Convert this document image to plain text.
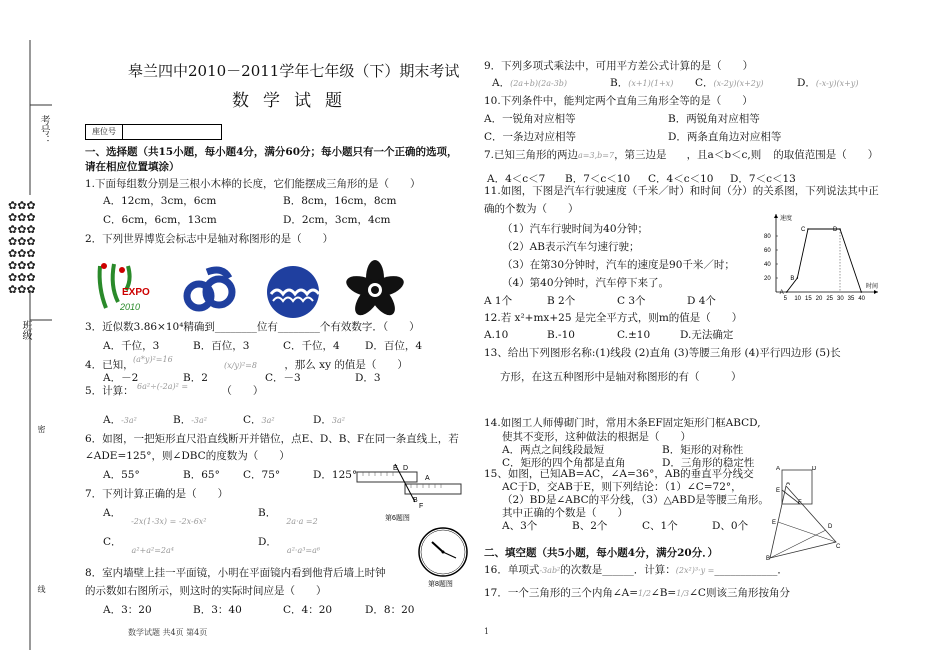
考号：
班级
密
线
✿✿✿
✿✿✿
✿✿✿
✿✿✿
✿✿✿
✿✿✿
✿✿✿
✿✿✿

皋兰四中2010－2011学年七年级（下）期末考试
数学试题
座位号
一、选择题（共15小题，每小题4分，满分60分；每小题只有一个正确的选项，
请在相应位置填涂）
1.下面每组数分别是三根小木棒的长度，它们能摆成三角形的是（　　）
A．12cm，3cm，6cm	B．8cm，16cm，8cm
C．6cm，6cm，13cm	D．2cm，3cm，4cm
2．下列世界博览会标志中是轴对称图形的是（　　）
EXPO
2010
3．近似数3.86×10⁴精确到________位有________个有效数字．（　　）
A．千位，3	B．百位，3	C．千位，4 D．百位，4
4．已知， $^{(a*y)^2=16}$ (x/y)²=8	，那么 xy 的值是（　　）
A．－2	B．2	C．－3	D．3
5．计算： $^{6a^2\div(-2a)^2 =}$	（　　）
A．-3a²	B．-3a²	C．3a²	D．3a²
6．如图，一把矩形直尺沿直线断开并错位，点E、D、B、F在同一条直线上，若
∠ADE=125°，则∠DBC的度数为（　　）
A．55°	B．65° C．75°	D．125°
E D
A
B
F
第6题图
7．下列计算正确的是（　　）
A．$_{-2x(1-3x) = -2x-6x^2}$
B．$_{2a\cdot a =2}$
C．$_{a^2+a^2=2a^4}$
D．$_{a^2\cdot a^3=a^6}$
第8题图
8．室内墙壁上挂一平面镜，小明在平面镜内看到他背后墙上时钟
的示数如右图所示，则这时的实际时间应是（　　）
A．3：20	B．3：40	C．4：20	D．8：20
数学试题 共4页 第4页
9．下列多项式乘法中，可用平方差公式计算的是（　　）
A．(2a+b)(2a-3b)	B．(x+1)(1+x) C．(x-2y)(x+2y)	D．(-x-y)(x+y)
10.下列条件中，能判定两个直角三角形全等的是（　　）
A．一锐角对应相等	B．两锐角对应相等
C．一条边对应相等	D．两条直角边对应相等
7.已知三角形的两边a=3,b=7，第三边是 ，且a＜b＜c,则 的取值范围是（　　）
A．4＜c＜7 B．7＜c＜10 C．4＜c＜10 D．7＜c＜13
11.如图，下图是汽车行驶速度（千米／时）和时间（分）的关系图，下列说法其中正
确的个数为（　　）
（1）汽车行驶时间为40分钟；
（2）AB表示汽车匀速行驶；
（3）在第30分钟时，汽车的速度是90千米／时；
（4）第40分钟时，汽车停下来了。
A 1个	B 2个	C 3个	D 4个
速度
时间
5 10 15 20 25 30 35 40
20
40
60
80
A
B
C	D
12.若 x²+mx+25 是完全平方式，则m的值是（　　）
A.10	B.-10	C.±10	D.无法确定
13、给出下列图形名称:(1)线段 (2)直角 (3)等腰三角形 (4)平行四边形 (5)长
方形，在这五种图形中是轴对称图形的有（　　　）
14.如图工人师傅砌门时，常用木条EF固定矩形门框ABCD,
使其不变形，这种做法的根据是（　　）
A．两点之间线段最短	B．矩形的对称性
C．矩形的四个角都是直角	D．三角形的稳定性
15、如图，已知AB=AC，∠A=36°，AB的垂直平分线交
AC于D，交AB于E，则下列结论：（1）∠C=72°，
（2）BD是∠ABC的平分线，（3）△ABD是等腰三角形。
其中正确的个数是（　　）
A、3个	B、2个	C、1个	D、0个
A	D
E
F
A
E
D
B
C
二、填空题（共5小题，每小题4分，满分20分．）
16．单项式-3ab²的次数是______．计算：(2x²)³·y =____________．
17．一个三角形的三个内角∠A=1/2∠B=1/3∠C则该三角形按角分
1
